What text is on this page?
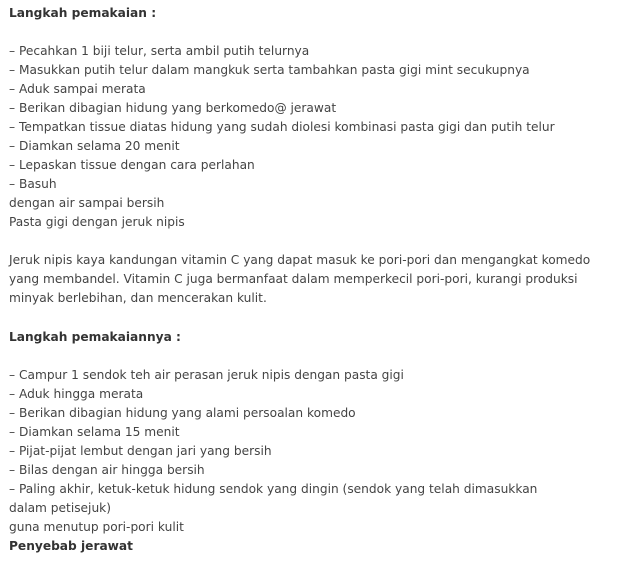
Langkah pemakaian :
– Pecahkan 1 biji telur, serta ambil putih telurnya
– Masukkan putih telur dalam mangkuk serta tambahkan pasta gigi mint secukupnya
– Aduk sampai merata
– Berikan dibagian hidung yang berkomedo@ jerawat
– Tempatkan tissue diatas hidung yang sudah diolesi kombinasi pasta gigi dan putih telur
– Diamkan selama 20 menit
– Lepaskan tissue dengan cara perlahan
– Basuh
dengan air sampai bersih
Pasta gigi dengan jeruk nipis
Jeruk nipis kaya kandungan vitamin C yang dapat masuk ke pori-pori dan mengangkat komedo yang membandel. Vitamin C juga bermanfaat dalam memperkecil pori-pori, kurangi produksi minyak berlebihan, dan mencerakan kulit.
Langkah pemakaiannya :
– Campur 1 sendok teh air perasan jeruk nipis dengan pasta gigi
– Aduk hingga merata
– Berikan dibagian hidung yang alami persoalan komedo
– Diamkan selama 15 menit
– Pijat-pijat lembut dengan jari yang bersih
– Bilas dengan air hingga bersih
– Paling akhir, ketuk-ketuk hidung sendok yang dingin (sendok yang telah dimasukkan dalam petisejuk)
guna menutup pori-pori kulit
Penyebab jerawat
